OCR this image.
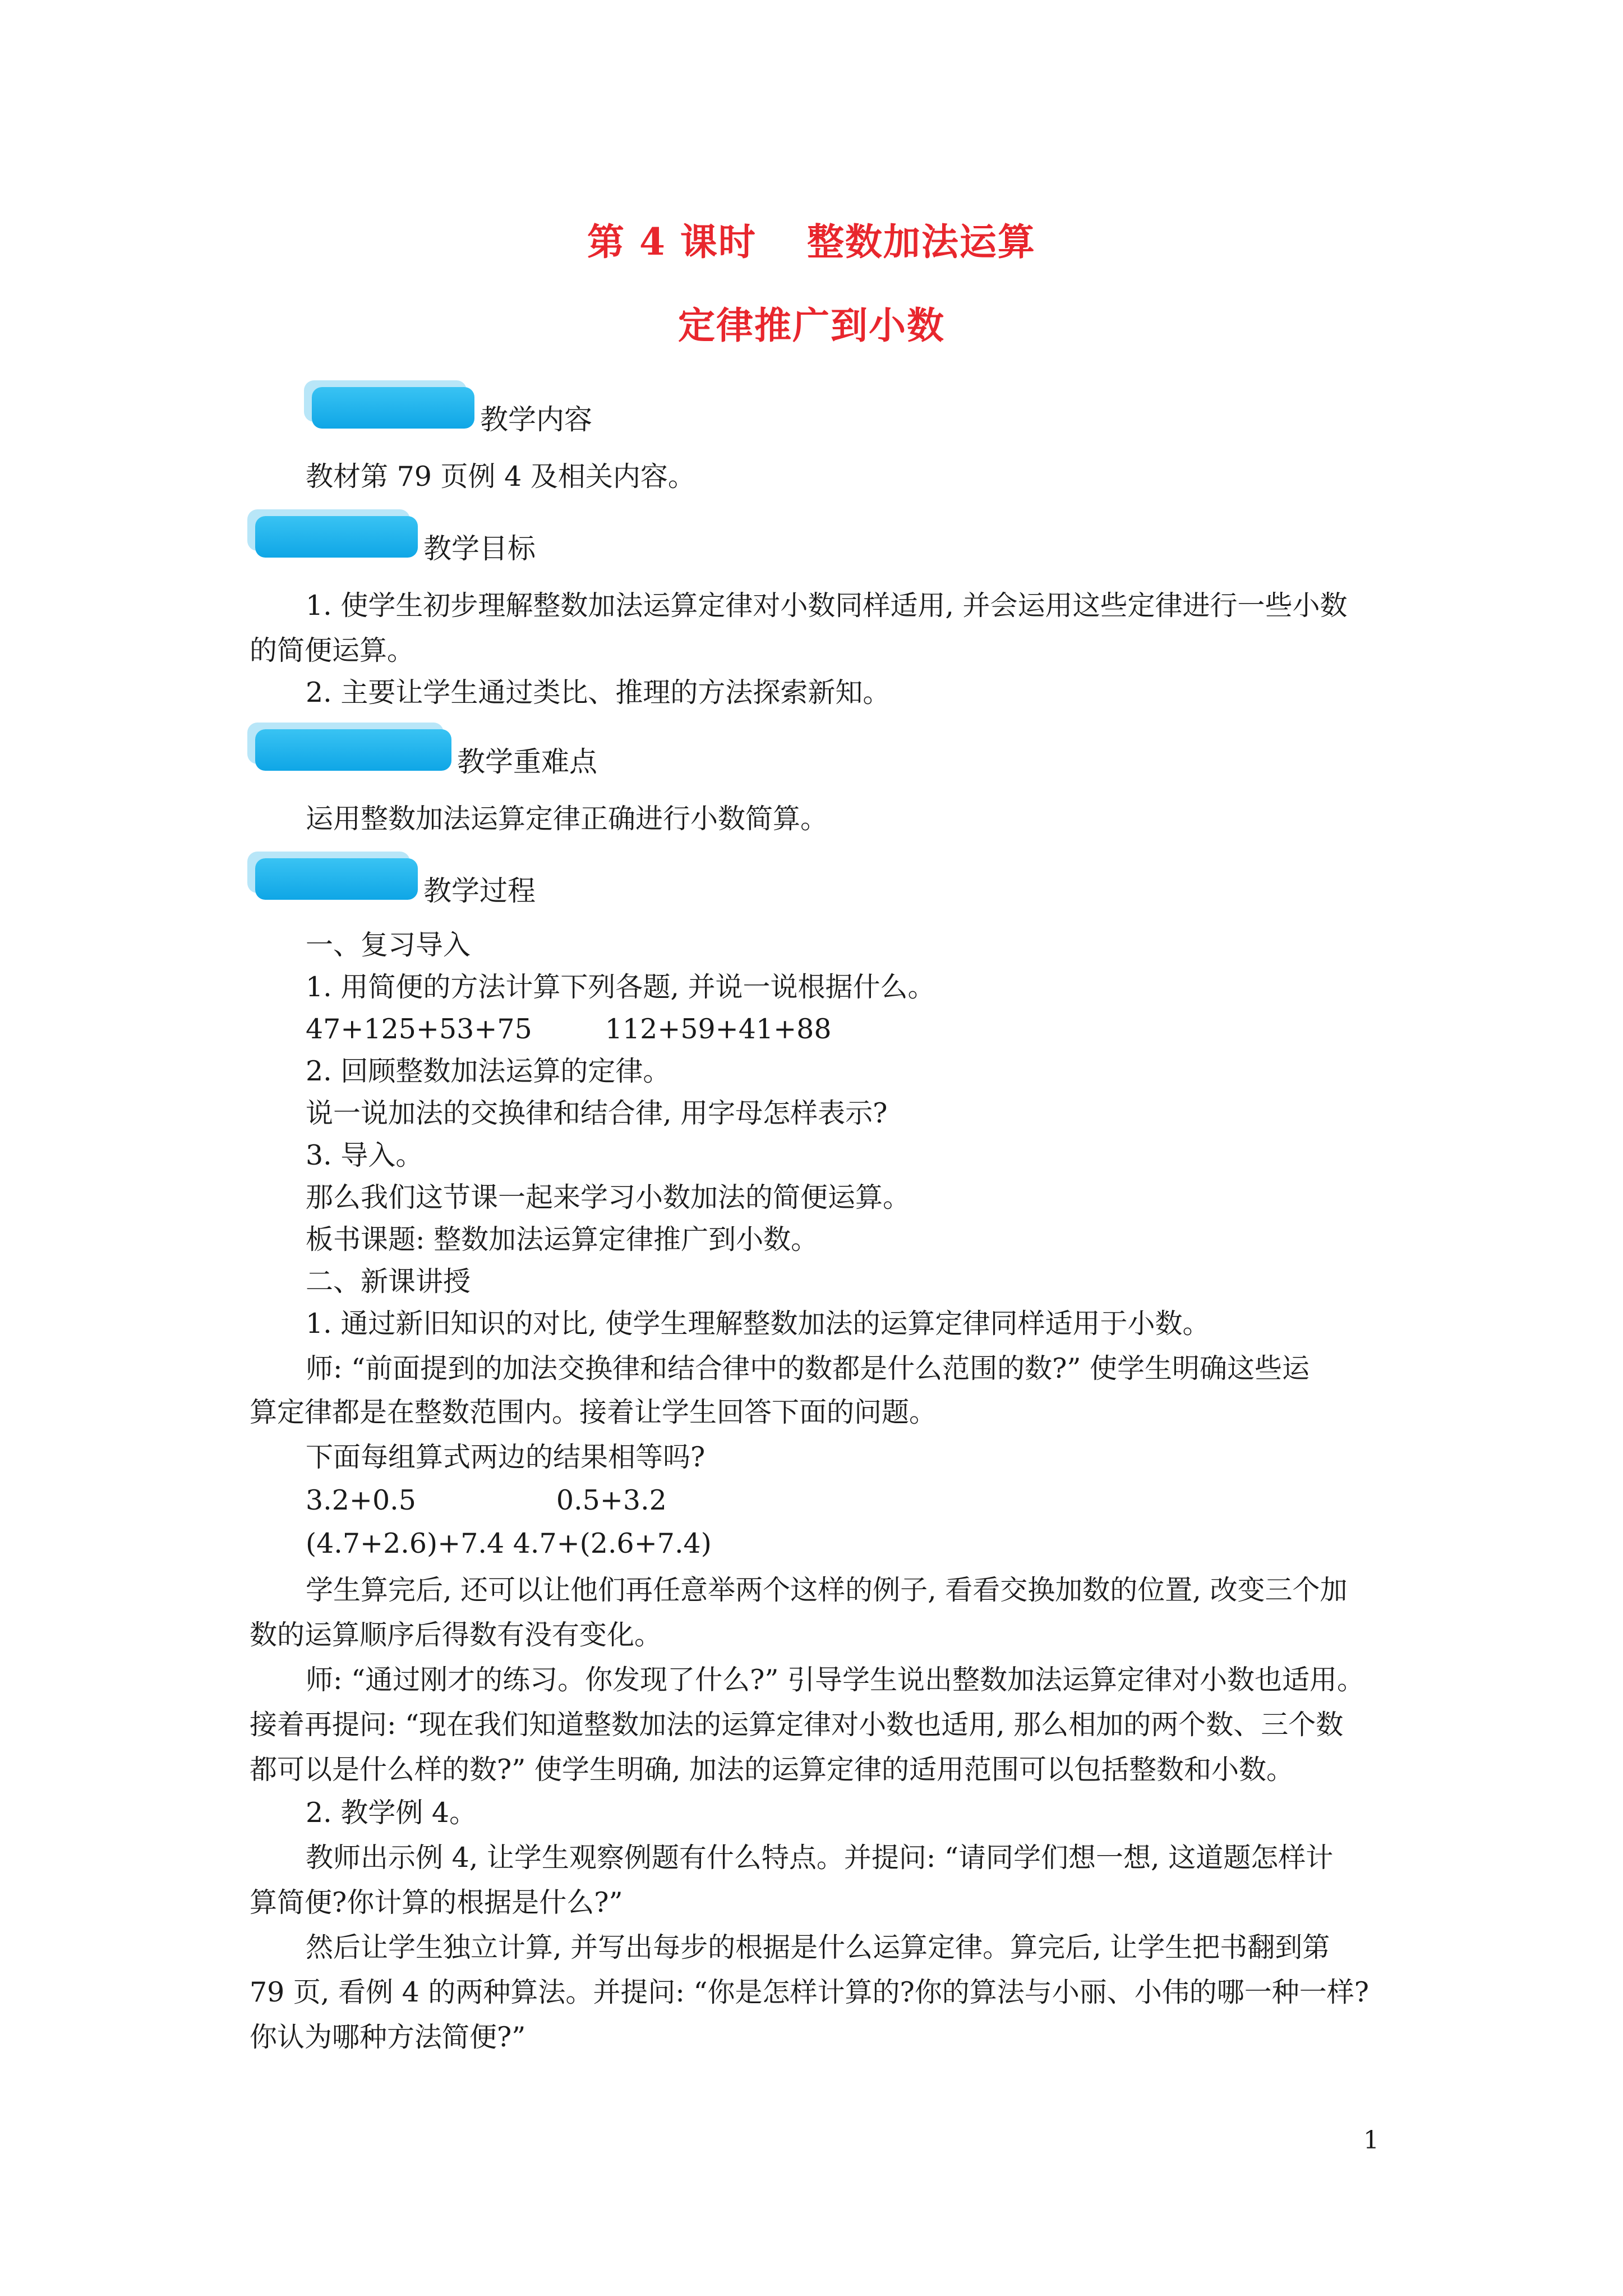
第 4 课时 整数加法运算
定律推广到小数
教学内容
教材第 79 页例 4 及相关内容。
教学目标
1. 使学生初步理解整数加法运算定律对小数同样适用, 并会运用这些定律进行一些小数
的简便运算。
2. 主要让学生通过类比、推理的方法探索新知。
教学重难点
运用整数加法运算定律正确进行小数简算。
教学过程
一、复习导入
1. 用简便的方法计算下列各题, 并说一说根据什么。
47+125+53+75	112+59+41+88
2. 回顾整数加法运算的定律。
说一说加法的交换律和结合律, 用字母怎样表示?
3. 导入。
那么我们这节课一起来学习小数加法的简便运算。
板书课题: 整数加法运算定律推广到小数。
二、新课讲授
1. 通过新旧知识的对比, 使学生理解整数加法的运算定律同样适用于小数。
师: “前面提到的加法交换律和结合律中的数都是什么范围的数?” 使学生明确这些运
算定律都是在整数范围内。接着让学生回答下面的问题。
下面每组算式两边的结果相等吗?
3.2+0.5	0.5+3.2
(4.7+2.6)+7.4 4.7+(2.6+7.4)
学生算完后, 还可以让他们再任意举两个这样的例子, 看看交换加数的位置, 改变三个加
数的运算顺序后得数有没有变化。
师: “通过刚才的练习。你发现了什么?” 引导学生说出整数加法运算定律对小数也适用。
接着再提问: “现在我们知道整数加法的运算定律对小数也适用, 那么相加的两个数、三个数
都可以是什么样的数?” 使学生明确, 加法的运算定律的适用范围可以包括整数和小数。
2. 教学例 4。
教师出示例 4, 让学生观察例题有什么特点。并提问: “请同学们想一想, 这道题怎样计
算简便?你计算的根据是什么?”
然后让学生独立计算, 并写出每步的根据是什么运算定律。算完后, 让学生把书翻到第
79 页, 看例 4 的两种算法。并提问: “你是怎样计算的?你的算法与小丽、小伟的哪一种一样?
你认为哪种方法简便?”
1
